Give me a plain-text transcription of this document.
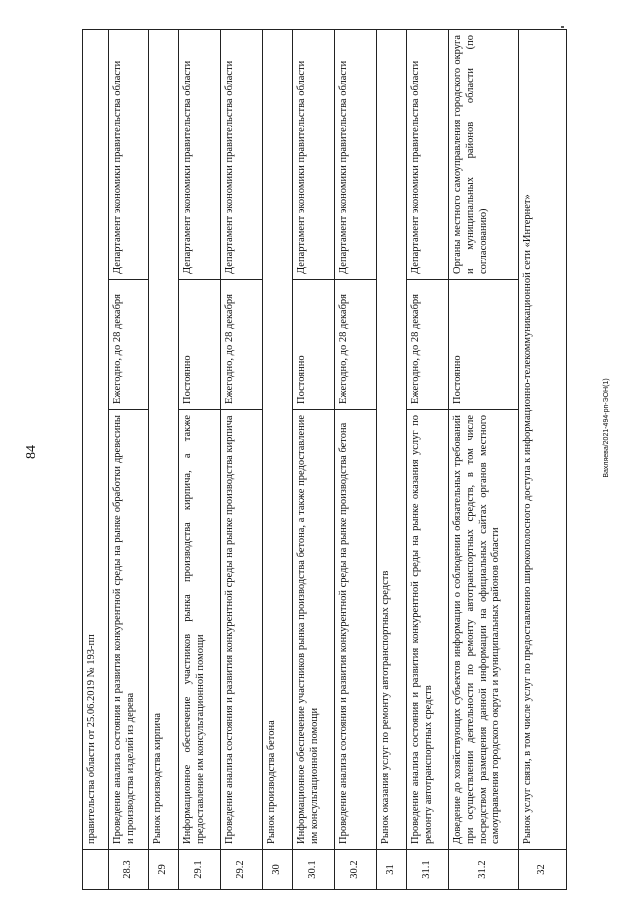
84	Вахляева/2021-494-рп-ЭОН(1)
	правительства области от 25.06.2019 № 193-пп		
28.3	Проведение анализа состояния и развития конкурентной среды на рынке обработки древесины и производства изделий из дерева	Ежегодно, до 28 декабря	Департамент экономики правительства области
29	Рынок производства кирпича		
29.1	Информационное обеспечение участников рынка производства кирпича, а также предоставление им консультационной помощи	Постоянно	Департамент экономики правительства области
29.2	Проведение анализа состояния и развития конкурентной среды на рынке производства кирпича	Ежегодно, до 28 декабря	Департамент экономики правительства области
30	Рынок производства бетона		
30.1	Информационное обеспечение участников рынка производства бетона, а также предоставление им консультационной помощи	Постоянно	Департамент экономики правительства области
30.2	Проведение анализа состояния и развития конкурентной среды на рынке производства бетона	Ежегодно, до 28 декабря	Департамент экономики правительства области
31	Рынок оказания услуг по ремонту автотранспортных средств		
31.1	Проведение анализа состояния и развития конкурентной среды на рынке оказания услуг по ремонту автотранспортных средств	Ежегодно, до 28 декабря	Департамент экономики правительства области
31.2	Доведение до хозяйствующих субъектов информации о соблюдении обязательных требований при осуществлении деятельности по ремонту автотранспортных средств, в том числе посредством размещения данной информации на официальных сайтах органов местного самоуправления городского округа и муниципальных районов области	Постоянно	Органы местного самоуправления городского округа и муниципальных районов области (по согласованию)
32	Рынок услуг связи, в том числе услуг по предоставлению широкополосного доступа к информационно-телекоммуникационной сети «Интернет»		
